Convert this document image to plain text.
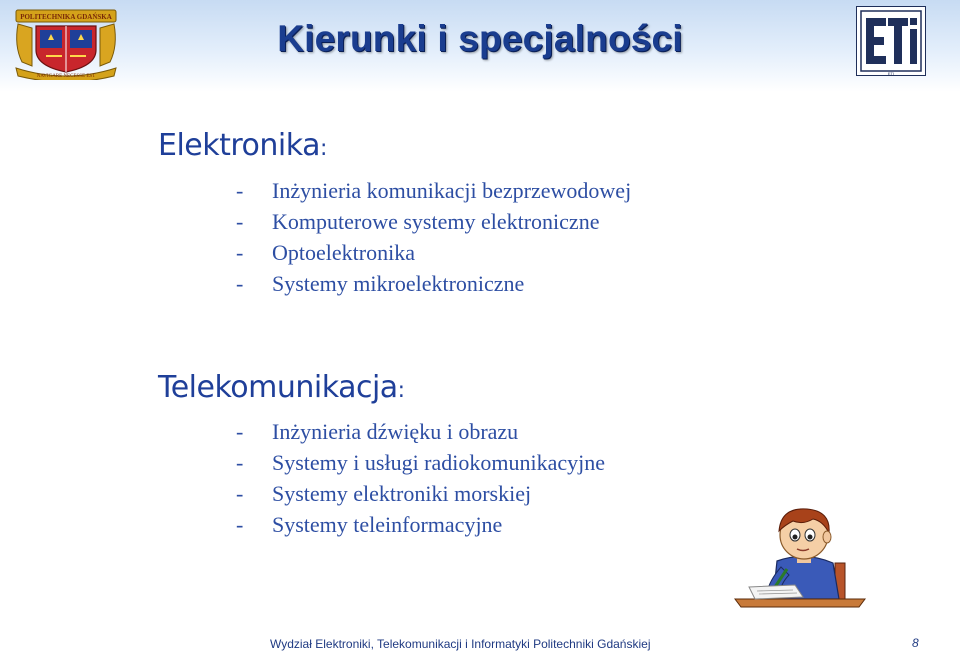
POLITECHNIKA GDAŃSKA
NAVIGARE NECESSE EST
Kierunki i specjalności
ETI
Elektronika:
- Inżynieria komunikacji bezprzewodowej
- Komputerowe systemy elektroniczne
- Optoelektronika
- Systemy mikroelektroniczne
Telekomunikacja:
- Inżynieria dźwięku i obrazu
- Systemy i usługi radiokomunikacyjne
- Systemy elektroniki morskiej
- Systemy teleinformacyjne
Wydział Elektroniki, Telekomunikacji i Informatyki Politechniki Gdańskiej	8
